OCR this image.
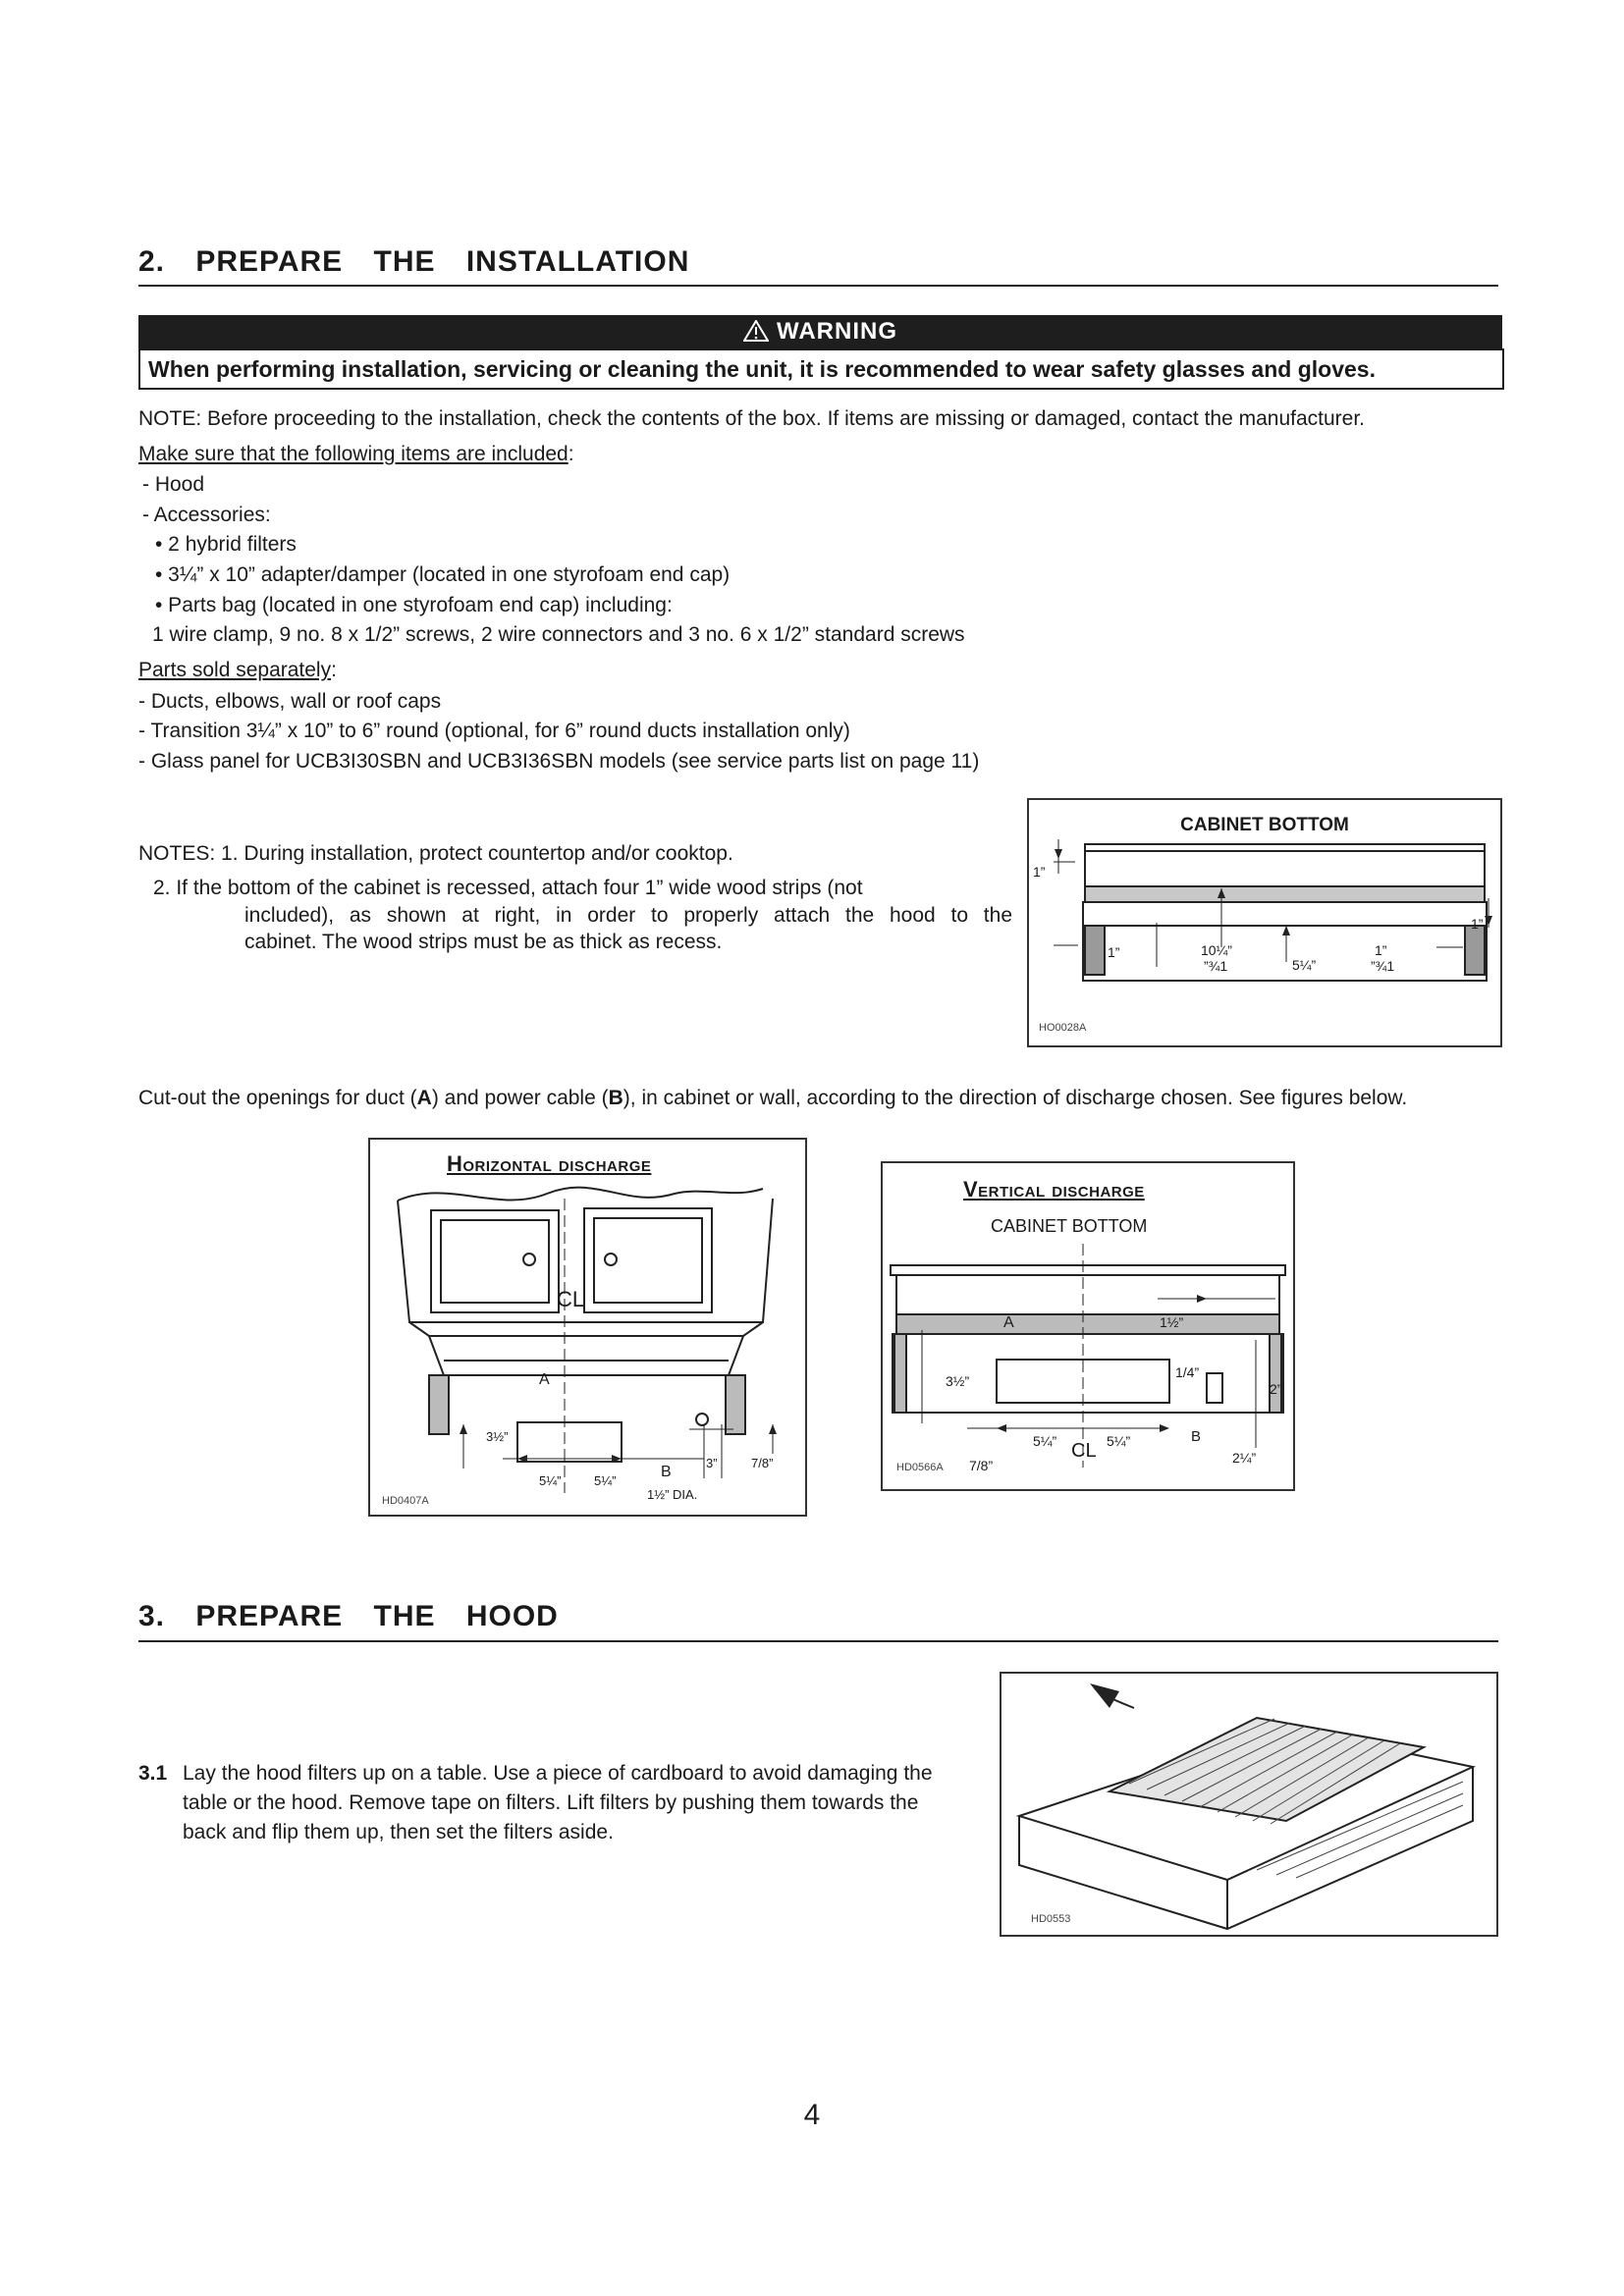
2. PREPARE THE INSTALLATION
WARNING
When performing installation, servicing or cleaning the unit, it is recommended to wear safety glasses and gloves.
NOTE: Before proceeding to the installation, check the contents of the box. If items are missing or damaged, contact the manufacturer.
Make sure that the following items are included:
- Hood
- Accessories:
• 2 hybrid filters
• 3¼” x 10” adapter/damper (located in one styrofoam end cap)
• Parts bag (located in one styrofoam end cap) including:
1 wire clamp, 9 no. 8 x 1/2” screws, 2 wire connectors and 3 no. 6 x 1/2” standard screws
Parts sold separately:
- Ducts, elbows, wall or roof caps
- Transition 3¼” x 10” to 6” round (optional, for 6” round ducts installation only)
- Glass panel for UCB3I30SBN and UCB3I36SBN models (see service parts list on page 11)
NOTES: 1. During installation, protect countertop and/or cooktop.
2. If the bottom of the cabinet is recessed, attach four 1” wide wood strips (not
included), as shown at right, in order to properly attach the hood to the
cabinet. The wood strips must be as thick as recess.
CABINET BOTTOM
1”
1”
1”	10¼”
”¾1	5¼”
1”
”¾1
HO0028A
Cut-out the openings for duct (A) and power cable (B), in cabinet or wall, according to the direction of discharge chosen. See figures below.
Horizontal discharge
CL
A
3½”
5¼”	5¼”
B
3”	7/8”
1½” DIA.
HD0407A
Vertical discharge
CABINET BOTTOM
A	1½”
3½”
1/4”
2”
5¼”	5¼”	B
7/8”	2¼”
CL
HD0566A
3. PREPARE THE HOOD
3.1 Lay the hood filters up on a table. Use a piece of cardboard to avoid damaging the
table or the hood. Remove tape on filters. Lift filters by pushing them towards the
back and flip them up, then set the filters aside.
HD0553
4
